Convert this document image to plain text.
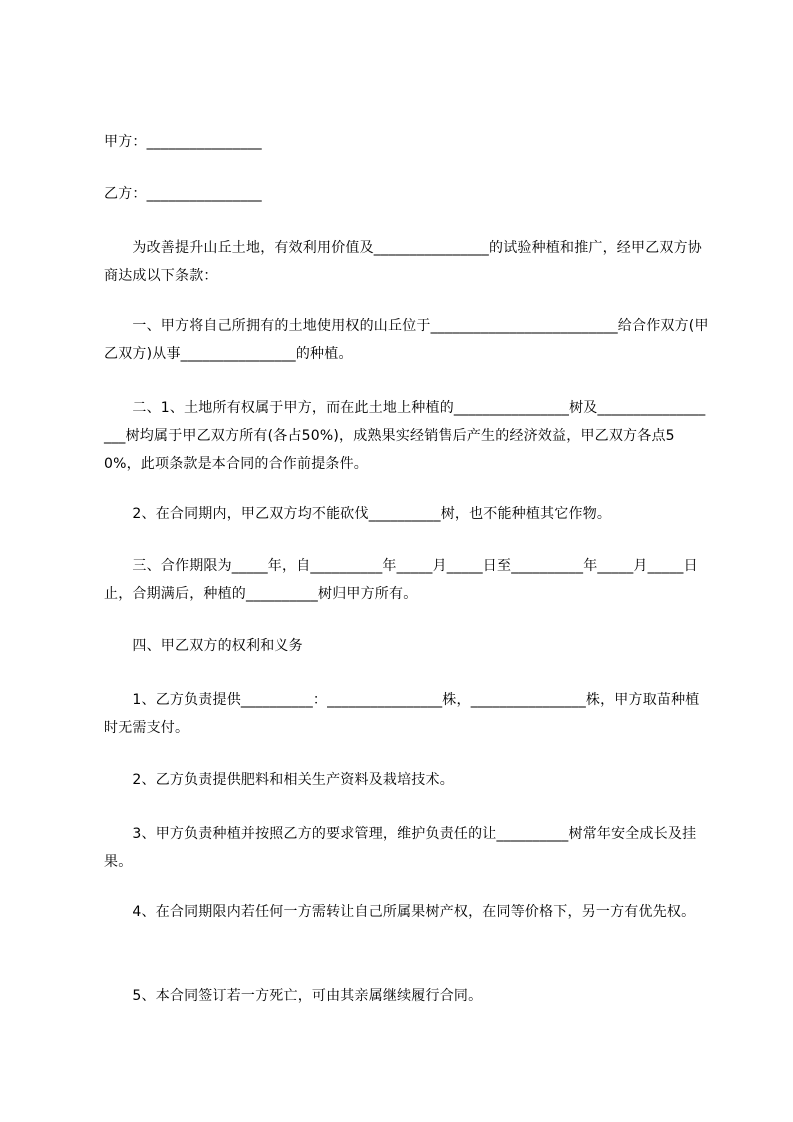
甲方：________________

乙方：________________

　　为改善提升山丘土地，有效利用价值及________________的试验种植和推广，经甲乙双方协商达成以下条款：

　　一、甲方将自己所拥有的土地使用权的山丘位于__________________________给合作双方(甲乙双方)从事________________的种植。

　　二、1、土地所有权属于甲方，而在此土地上种植的________________树及__________________树均属于甲乙双方所有(各占50%)，成熟果实经销售后产生的经济效益，甲乙双方各点50%，此项条款是本合同的合作前提条件。

　　2、在合同期内，甲乙双方均不能砍伐__________树，也不能种植其它作物。

　　三、合作期限为_____年，自__________年_____月_____日至__________年_____月_____日止，合期满后，种植的__________树归甲方所有。

　　四、甲乙双方的权利和义务

　　1、乙方负责提供__________：________________株，________________株，甲方取苗种植时无需支付。

　　2、乙方负责提供肥料和相关生产资料及栽培技术。

　　3、甲方负责种植并按照乙方的要求管理，维护负责任的让__________树常年安全成长及挂果。

　　4、在合同期限内若任何一方需转让自己所属果树产权，在同等价格下，另一方有优先权。

　　5、本合同签订若一方死亡，可由其亲属继续履行合同。
